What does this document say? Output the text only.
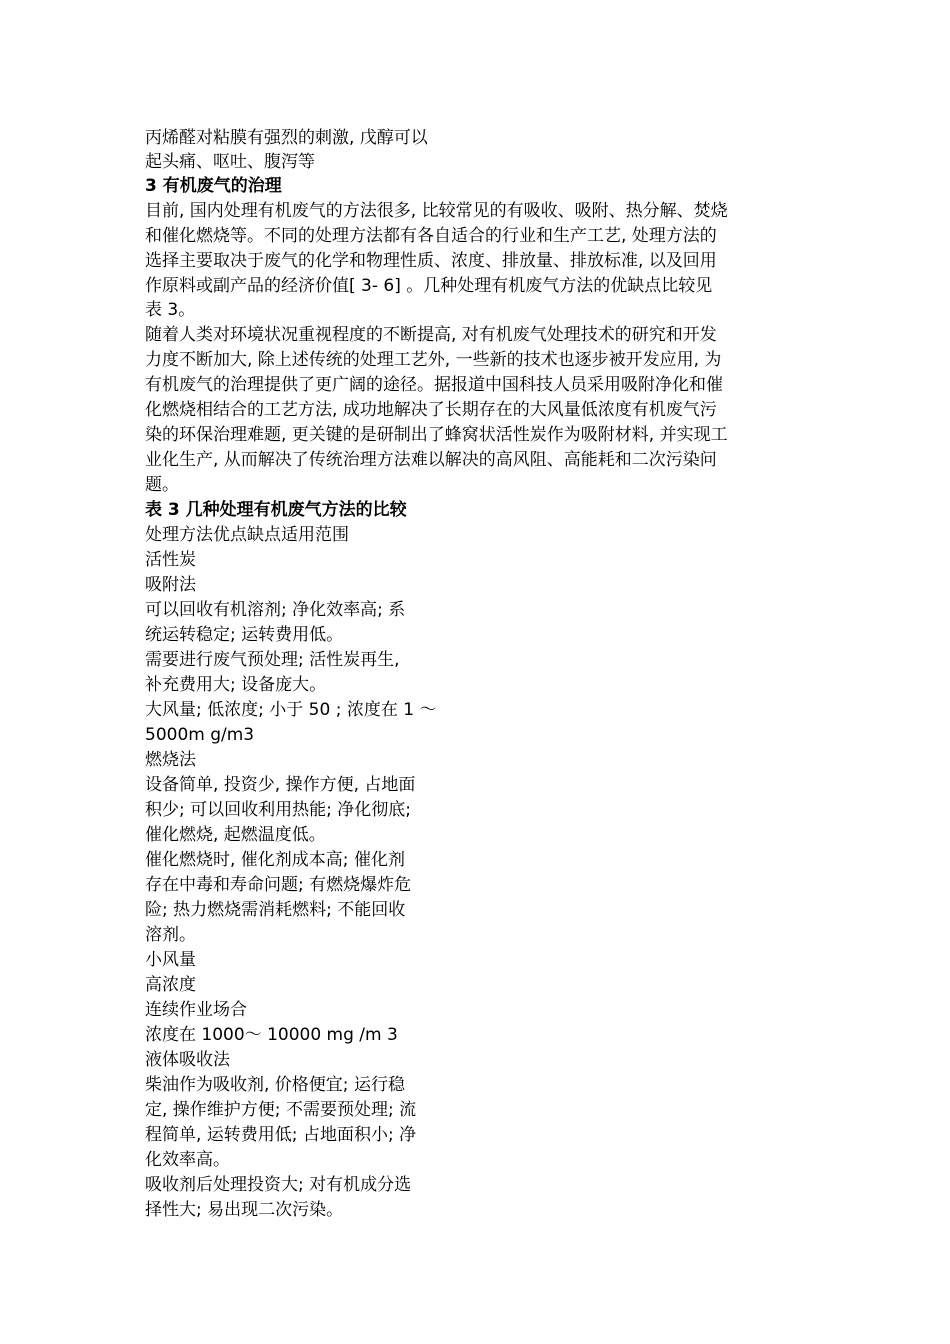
丙烯醛对粘膜有强烈的刺激, 戊醇可以

起头痛、呕吐、腹泻等

3 有机废气的治理

目前, 国内处理有机废气的方法很多, 比较常见的有吸收、吸附、热分解、焚烧

和催化燃烧等。不同的处理方法都有各自适合的行业和生产工艺, 处理方法的

选择主要取决于废气的化学和物理性质、浓度、排放量、排放标准, 以及回用

作原料或副产品的经济价值[ 3- 6] 。几种处理有机废气方法的优缺点比较见

表 3。

随着人类对环境状况重视程度的不断提高, 对有机废气处理技术的研究和开发

力度不断加大, 除上述传统的处理工艺外, 一些新的技术也逐步被开发应用, 为

有机废气的治理提供了更广阔的途径。据报道中国科技人员采用吸附净化和催

化燃烧相结合的工艺方法, 成功地解决了长期存在的大风量低浓度有机废气污

染的环保治理难题, 更关键的是研制出了蜂窝状活性炭作为吸附材料, 并实现工

业化生产, 从而解决了传统治理方法难以解决的高风阻、高能耗和二次污染问

题。

表 3 几种处理有机废气方法的比较

处理方法优点缺点适用范围

活性炭

吸附法

可以回收有机溶剂; 净化效率高; 系

统运转稳定; 运转费用低。

需要进行废气预处理; 活性炭再生,

补充费用大; 设备庞大。

大风量; 低浓度; 小于 50 ; 浓度在 1 ～

5000m g/m3

燃烧法

设备简单, 投资少, 操作方便, 占地面

积少; 可以回收利用热能; 净化彻底;

催化燃烧, 起燃温度低。

催化燃烧时, 催化剂成本高; 催化剂

存在中毒和寿命问题; 有燃烧爆炸危

险; 热力燃烧需消耗燃料; 不能回收

溶剂。

小风量

高浓度

连续作业场合

浓度在 1000～ 10000 mg /m 3

液体吸收法

柴油作为吸收剂, 价格便宜; 运行稳

定, 操作维护方便; 不需要预处理; 流

程简单, 运转费用低; 占地面积小; 净

化效率高。

吸收剂后处理投资大; 对有机成分选

择性大; 易出现二次污染。
